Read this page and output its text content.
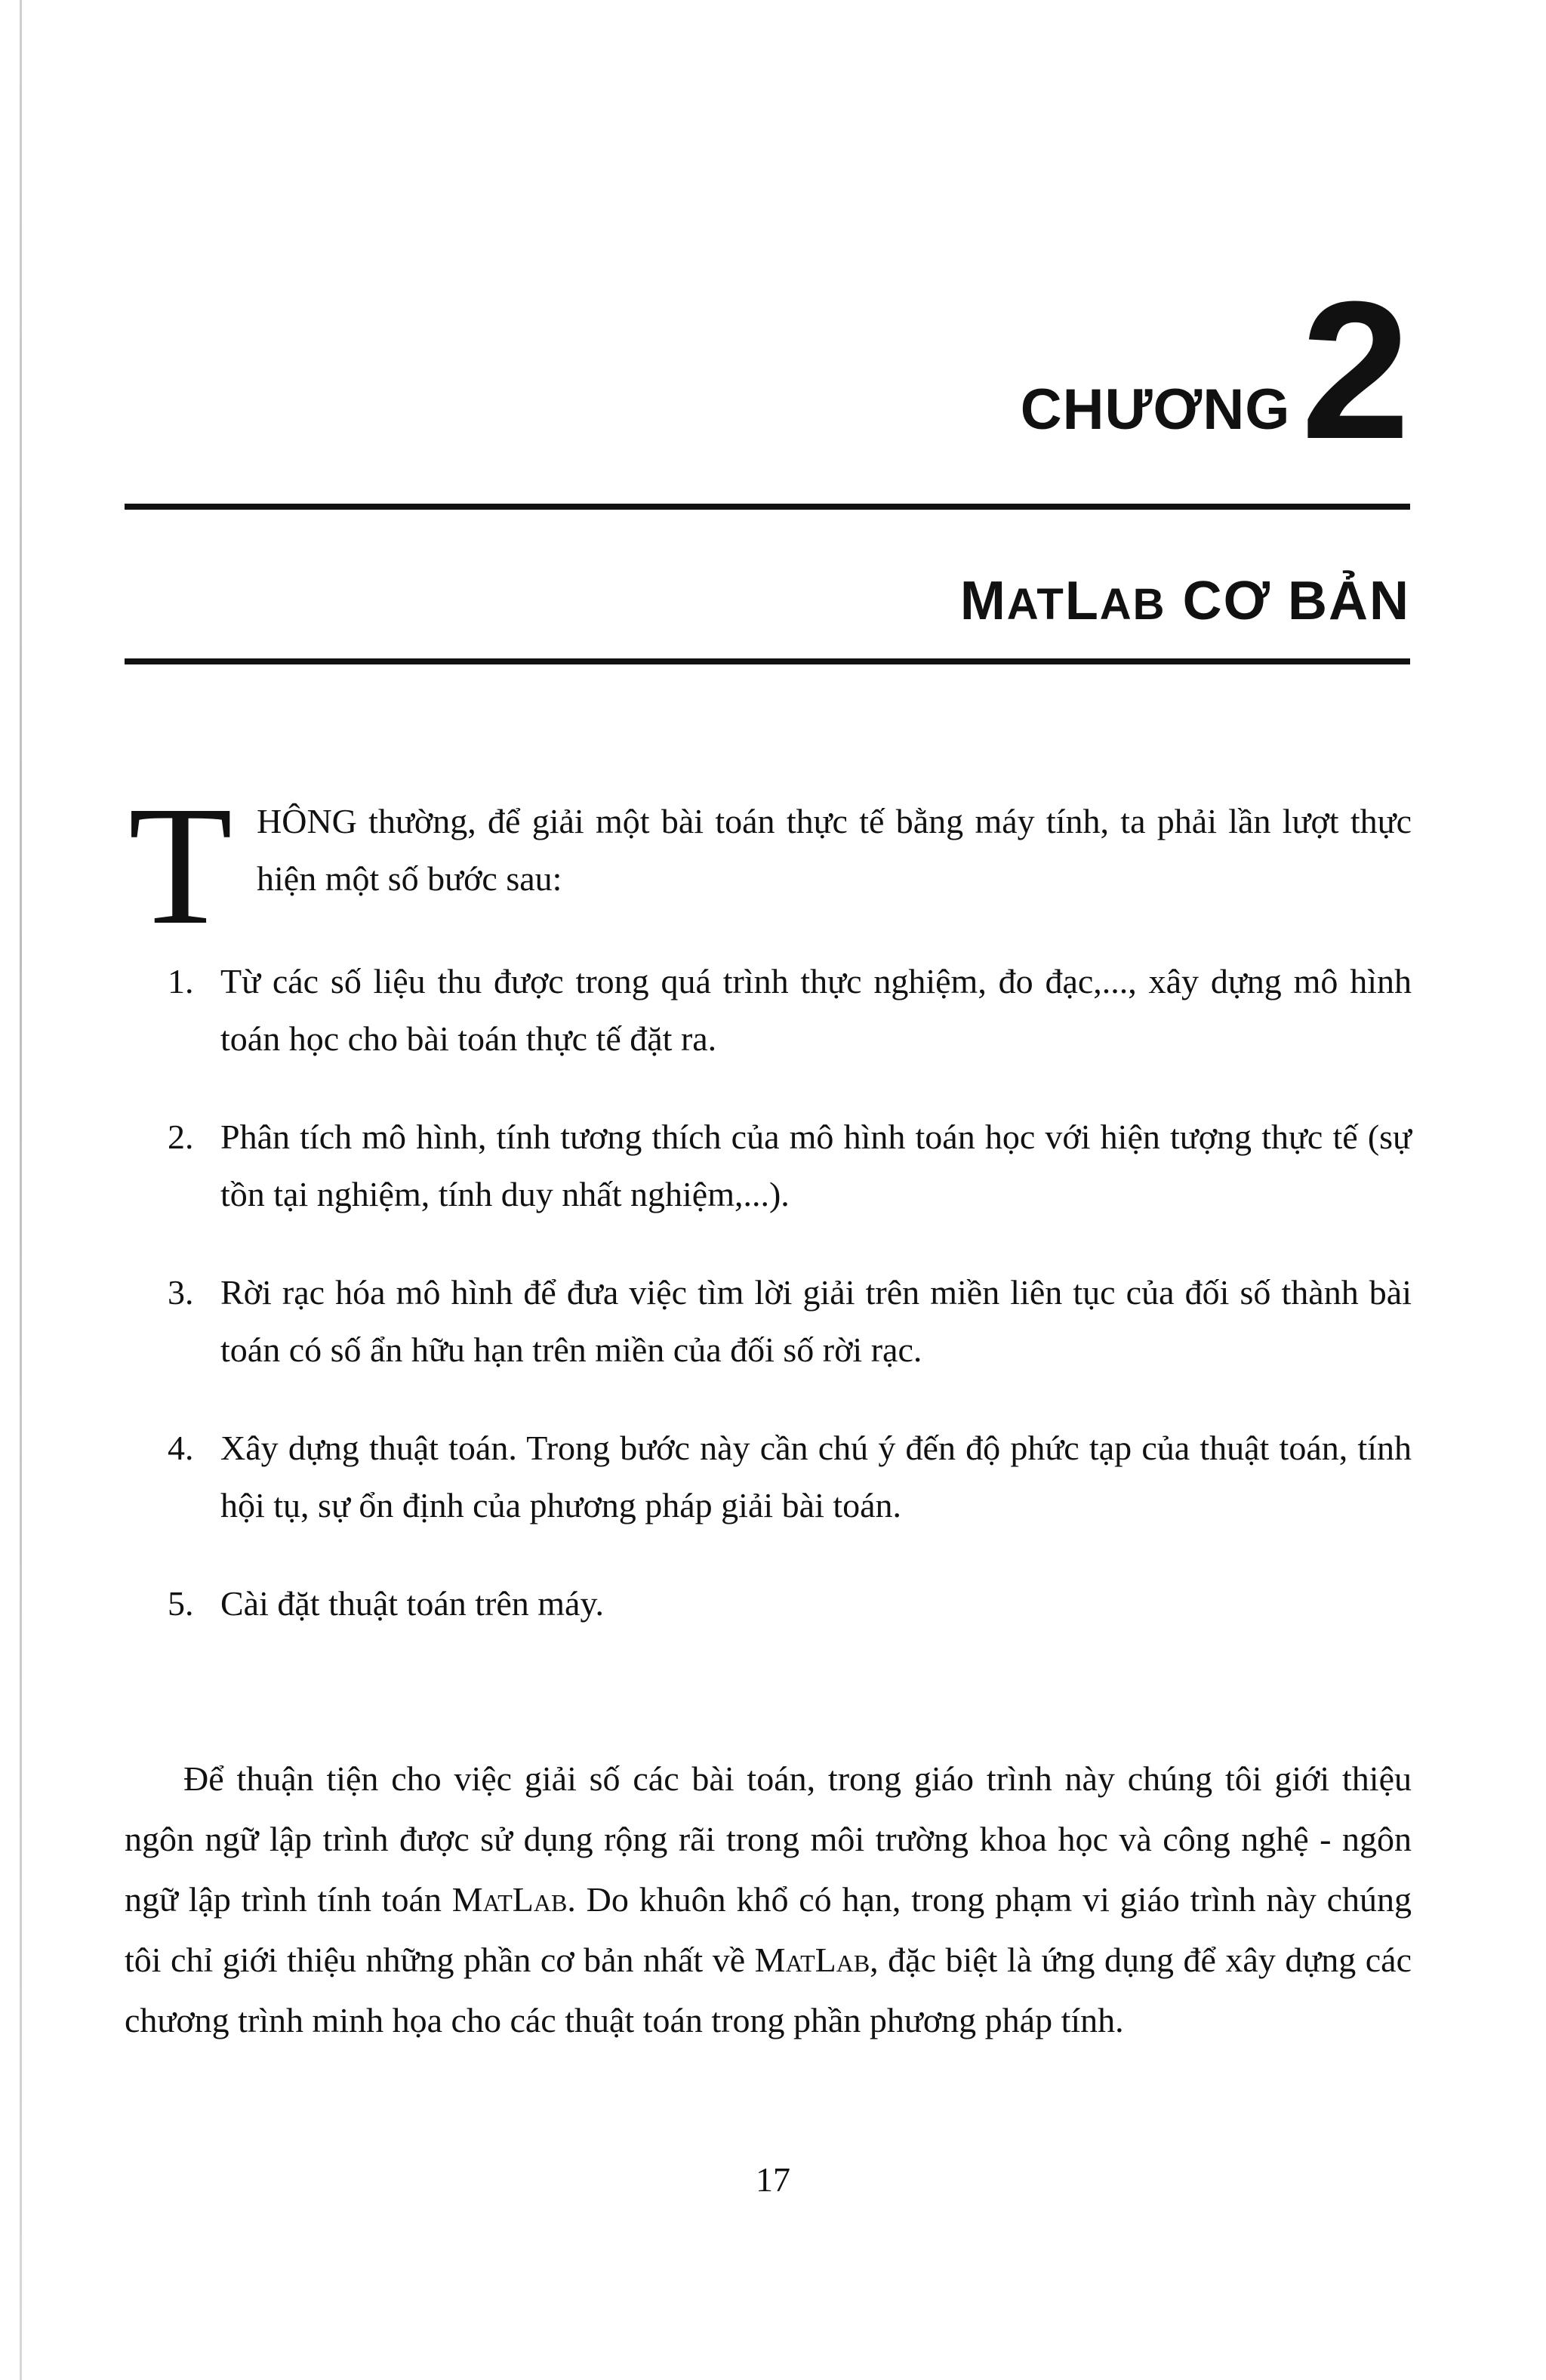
CHƯƠNG 2
MATLAB CƠ BẢN
T HÔNG thường, để giải một bài toán thực tế bằng máy tính, ta phải lần lượt thực hiện một số bước sau:
1. Từ các số liệu thu được trong quá trình thực nghiệm, đo đạc,..., xây dựng mô hình toán học cho bài toán thực tế đặt ra.
2. Phân tích mô hình, tính tương thích của mô hình toán học với hiện tượng thực tế (sự tồn tại nghiệm, tính duy nhất nghiệm,...).
3. Rời rạc hóa mô hình để đưa việc tìm lời giải trên miền liên tục của đối số thành bài toán có số ẩn hữu hạn trên miền của đối số rời rạc.
4. Xây dựng thuật toán. Trong bước này cần chú ý đến độ phức tạp của thuật toán, tính hội tụ, sự ổn định của phương pháp giải bài toán.
5. Cài đặt thuật toán trên máy.

Để thuận tiện cho việc giải số các bài toán, trong giáo trình này chúng tôi giới thiệu ngôn ngữ lập trình được sử dụng rộng rãi trong môi trường khoa học và công nghệ - ngôn ngữ lập trình tính toán MatLab. Do khuôn khổ có hạn, trong phạm vi giáo trình này chúng tôi chỉ giới thiệu những phần cơ bản nhất về MatLab, đặc biệt là ứng dụng để xây dựng các chương trình minh họa cho các thuật toán trong phần phương pháp tính.

17
